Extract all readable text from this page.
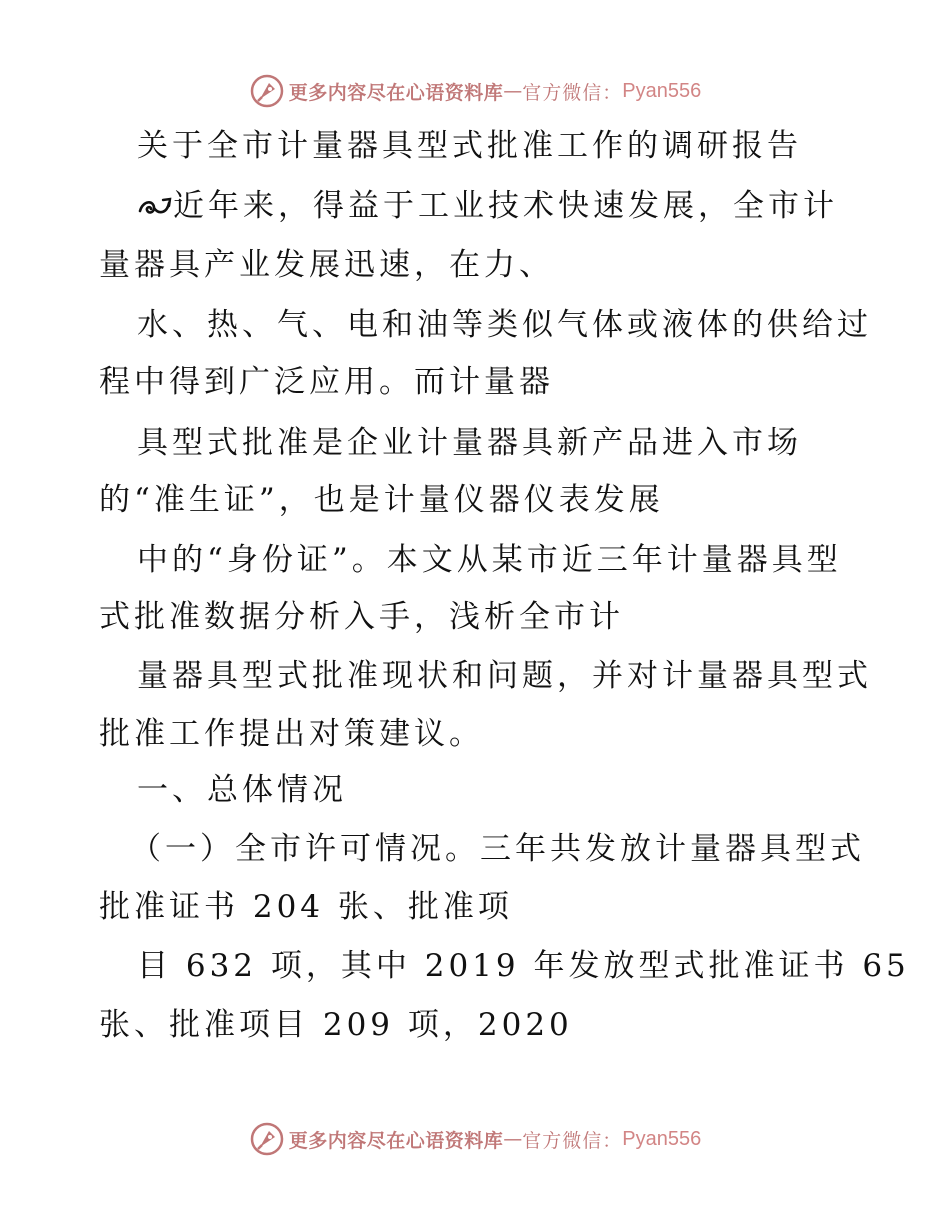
更多内容尽在心语资料库 — 官方微信： Pyan556
关于全市计量器具型式批准工作的调研报告
近年来，得益于工业技术快速发展，全市计
量器具产业发展迅速，在力、
水、热、气、电和油等类似气体或液体的供给过
程中得到广泛应用。而计量器
具型式批准是企业计量器具新产品进入市场
的“准生证”，也是计量仪器仪表发展
中的“身份证”。本文从某市近三年计量器具型
式批准数据分析入手，浅析全市计
量器具型式批准现状和问题，并对计量器具型式
批准工作提出对策建议。
一、总体情况
（一）全市许可情况。三年共发放计量器具型式
批准证书 204 张、批准项
目 632 项，其中 2019 年发放型式批准证书 65
张、批准项目 209 项，2020
更多内容尽在心语资料库 — 官方微信： Pyan556
